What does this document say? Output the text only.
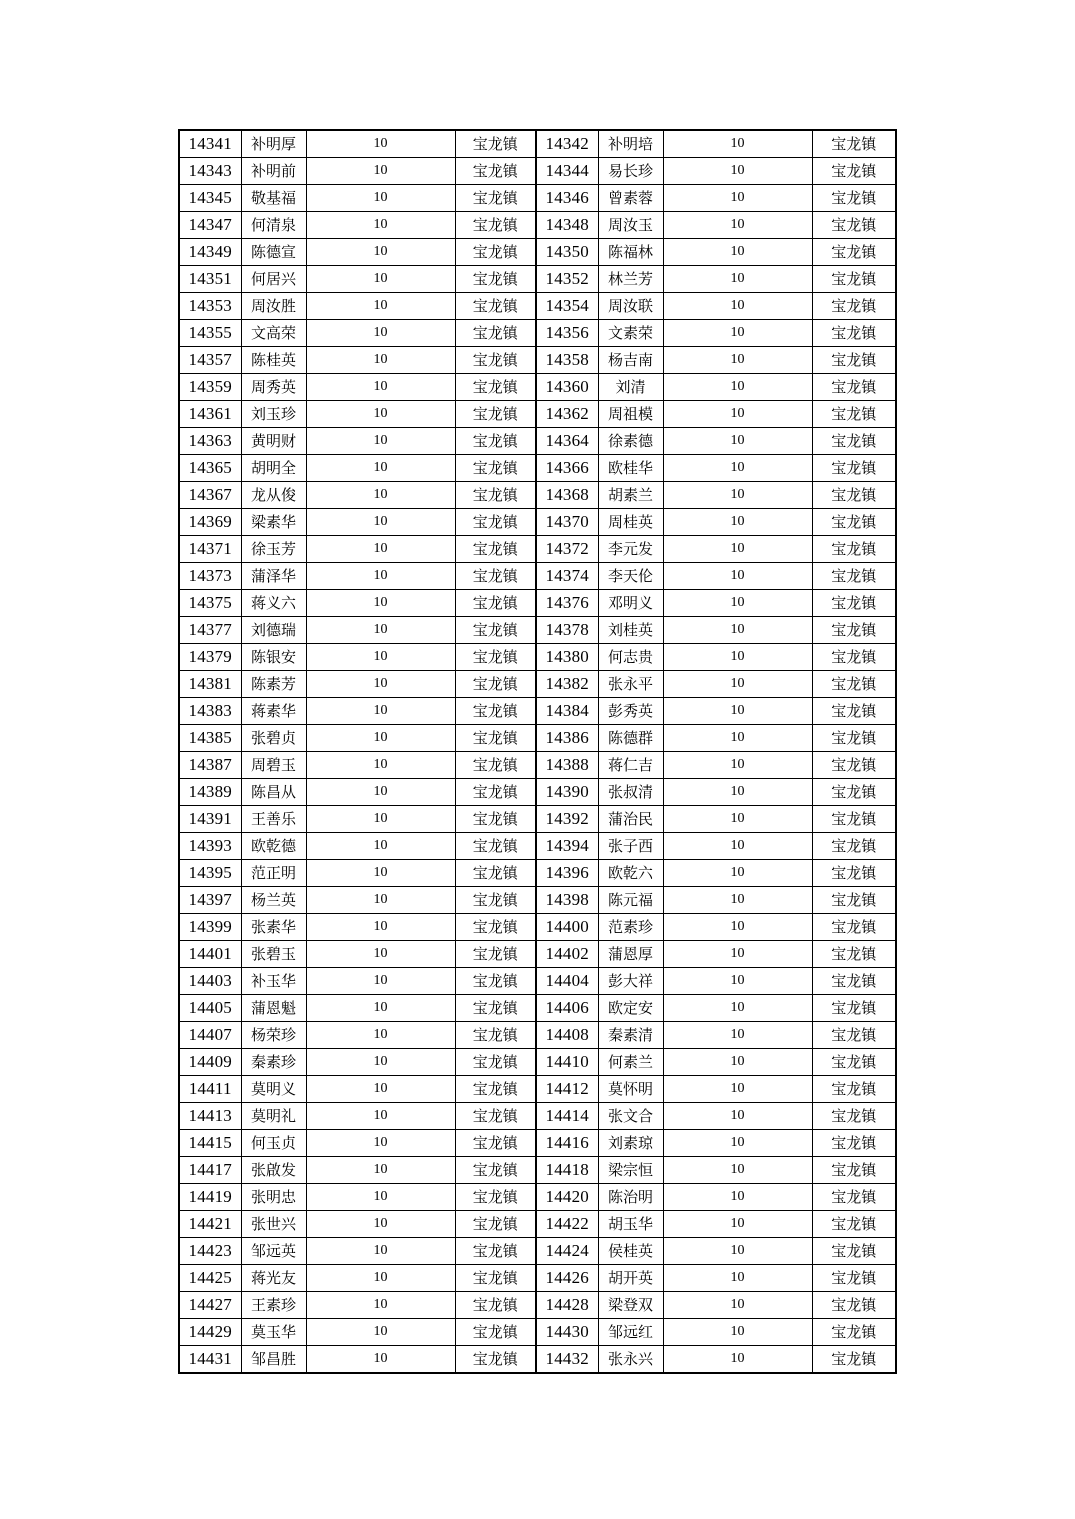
14341	补明厚	10	宝龙镇	14342	补明培	10	宝龙镇
14343	补明前	10	宝龙镇	14344	易长珍	10	宝龙镇
14345	敬基福	10	宝龙镇	14346	曾素蓉	10	宝龙镇
14347	何清泉	10	宝龙镇	14348	周汝玉	10	宝龙镇
14349	陈德宣	10	宝龙镇	14350	陈福林	10	宝龙镇
14351	何居兴	10	宝龙镇	14352	林兰芳	10	宝龙镇
14353	周汝胜	10	宝龙镇	14354	周汝联	10	宝龙镇
14355	文高荣	10	宝龙镇	14356	文素荣	10	宝龙镇
14357	陈桂英	10	宝龙镇	14358	杨吉南	10	宝龙镇
14359	周秀英	10	宝龙镇	14360	刘清	10	宝龙镇
14361	刘玉珍	10	宝龙镇	14362	周祖模	10	宝龙镇
14363	黄明财	10	宝龙镇	14364	徐素德	10	宝龙镇
14365	胡明全	10	宝龙镇	14366	欧桂华	10	宝龙镇
14367	龙从俊	10	宝龙镇	14368	胡素兰	10	宝龙镇
14369	梁素华	10	宝龙镇	14370	周桂英	10	宝龙镇
14371	徐玉芳	10	宝龙镇	14372	李元发	10	宝龙镇
14373	蒲泽华	10	宝龙镇	14374	李天伦	10	宝龙镇
14375	蒋义六	10	宝龙镇	14376	邓明义	10	宝龙镇
14377	刘德瑞	10	宝龙镇	14378	刘桂英	10	宝龙镇
14379	陈银安	10	宝龙镇	14380	何志贵	10	宝龙镇
14381	陈素芳	10	宝龙镇	14382	张永平	10	宝龙镇
14383	蒋素华	10	宝龙镇	14384	彭秀英	10	宝龙镇
14385	张碧贞	10	宝龙镇	14386	陈德群	10	宝龙镇
14387	周碧玉	10	宝龙镇	14388	蒋仁吉	10	宝龙镇
14389	陈昌从	10	宝龙镇	14390	张叔清	10	宝龙镇
14391	王善乐	10	宝龙镇	14392	蒲治民	10	宝龙镇
14393	欧乾德	10	宝龙镇	14394	张子西	10	宝龙镇
14395	范正明	10	宝龙镇	14396	欧乾六	10	宝龙镇
14397	杨兰英	10	宝龙镇	14398	陈元福	10	宝龙镇
14399	张素华	10	宝龙镇	14400	范素珍	10	宝龙镇
14401	张碧玉	10	宝龙镇	14402	蒲恩厚	10	宝龙镇
14403	补玉华	10	宝龙镇	14404	彭大祥	10	宝龙镇
14405	蒲恩魁	10	宝龙镇	14406	欧定安	10	宝龙镇
14407	杨荣珍	10	宝龙镇	14408	秦素清	10	宝龙镇
14409	秦素珍	10	宝龙镇	14410	何素兰	10	宝龙镇
14411	莫明义	10	宝龙镇	14412	莫怀明	10	宝龙镇
14413	莫明礼	10	宝龙镇	14414	张文合	10	宝龙镇
14415	何玉贞	10	宝龙镇	14416	刘素琼	10	宝龙镇
14417	张啟发	10	宝龙镇	14418	梁宗恒	10	宝龙镇
14419	张明忠	10	宝龙镇	14420	陈治明	10	宝龙镇
14421	张世兴	10	宝龙镇	14422	胡玉华	10	宝龙镇
14423	邹远英	10	宝龙镇	14424	侯桂英	10	宝龙镇
14425	蒋光友	10	宝龙镇	14426	胡开英	10	宝龙镇
14427	王素珍	10	宝龙镇	14428	梁登双	10	宝龙镇
14429	莫玉华	10	宝龙镇	14430	邹远红	10	宝龙镇
14431	邹昌胜	10	宝龙镇	14432	张永兴	10	宝龙镇
